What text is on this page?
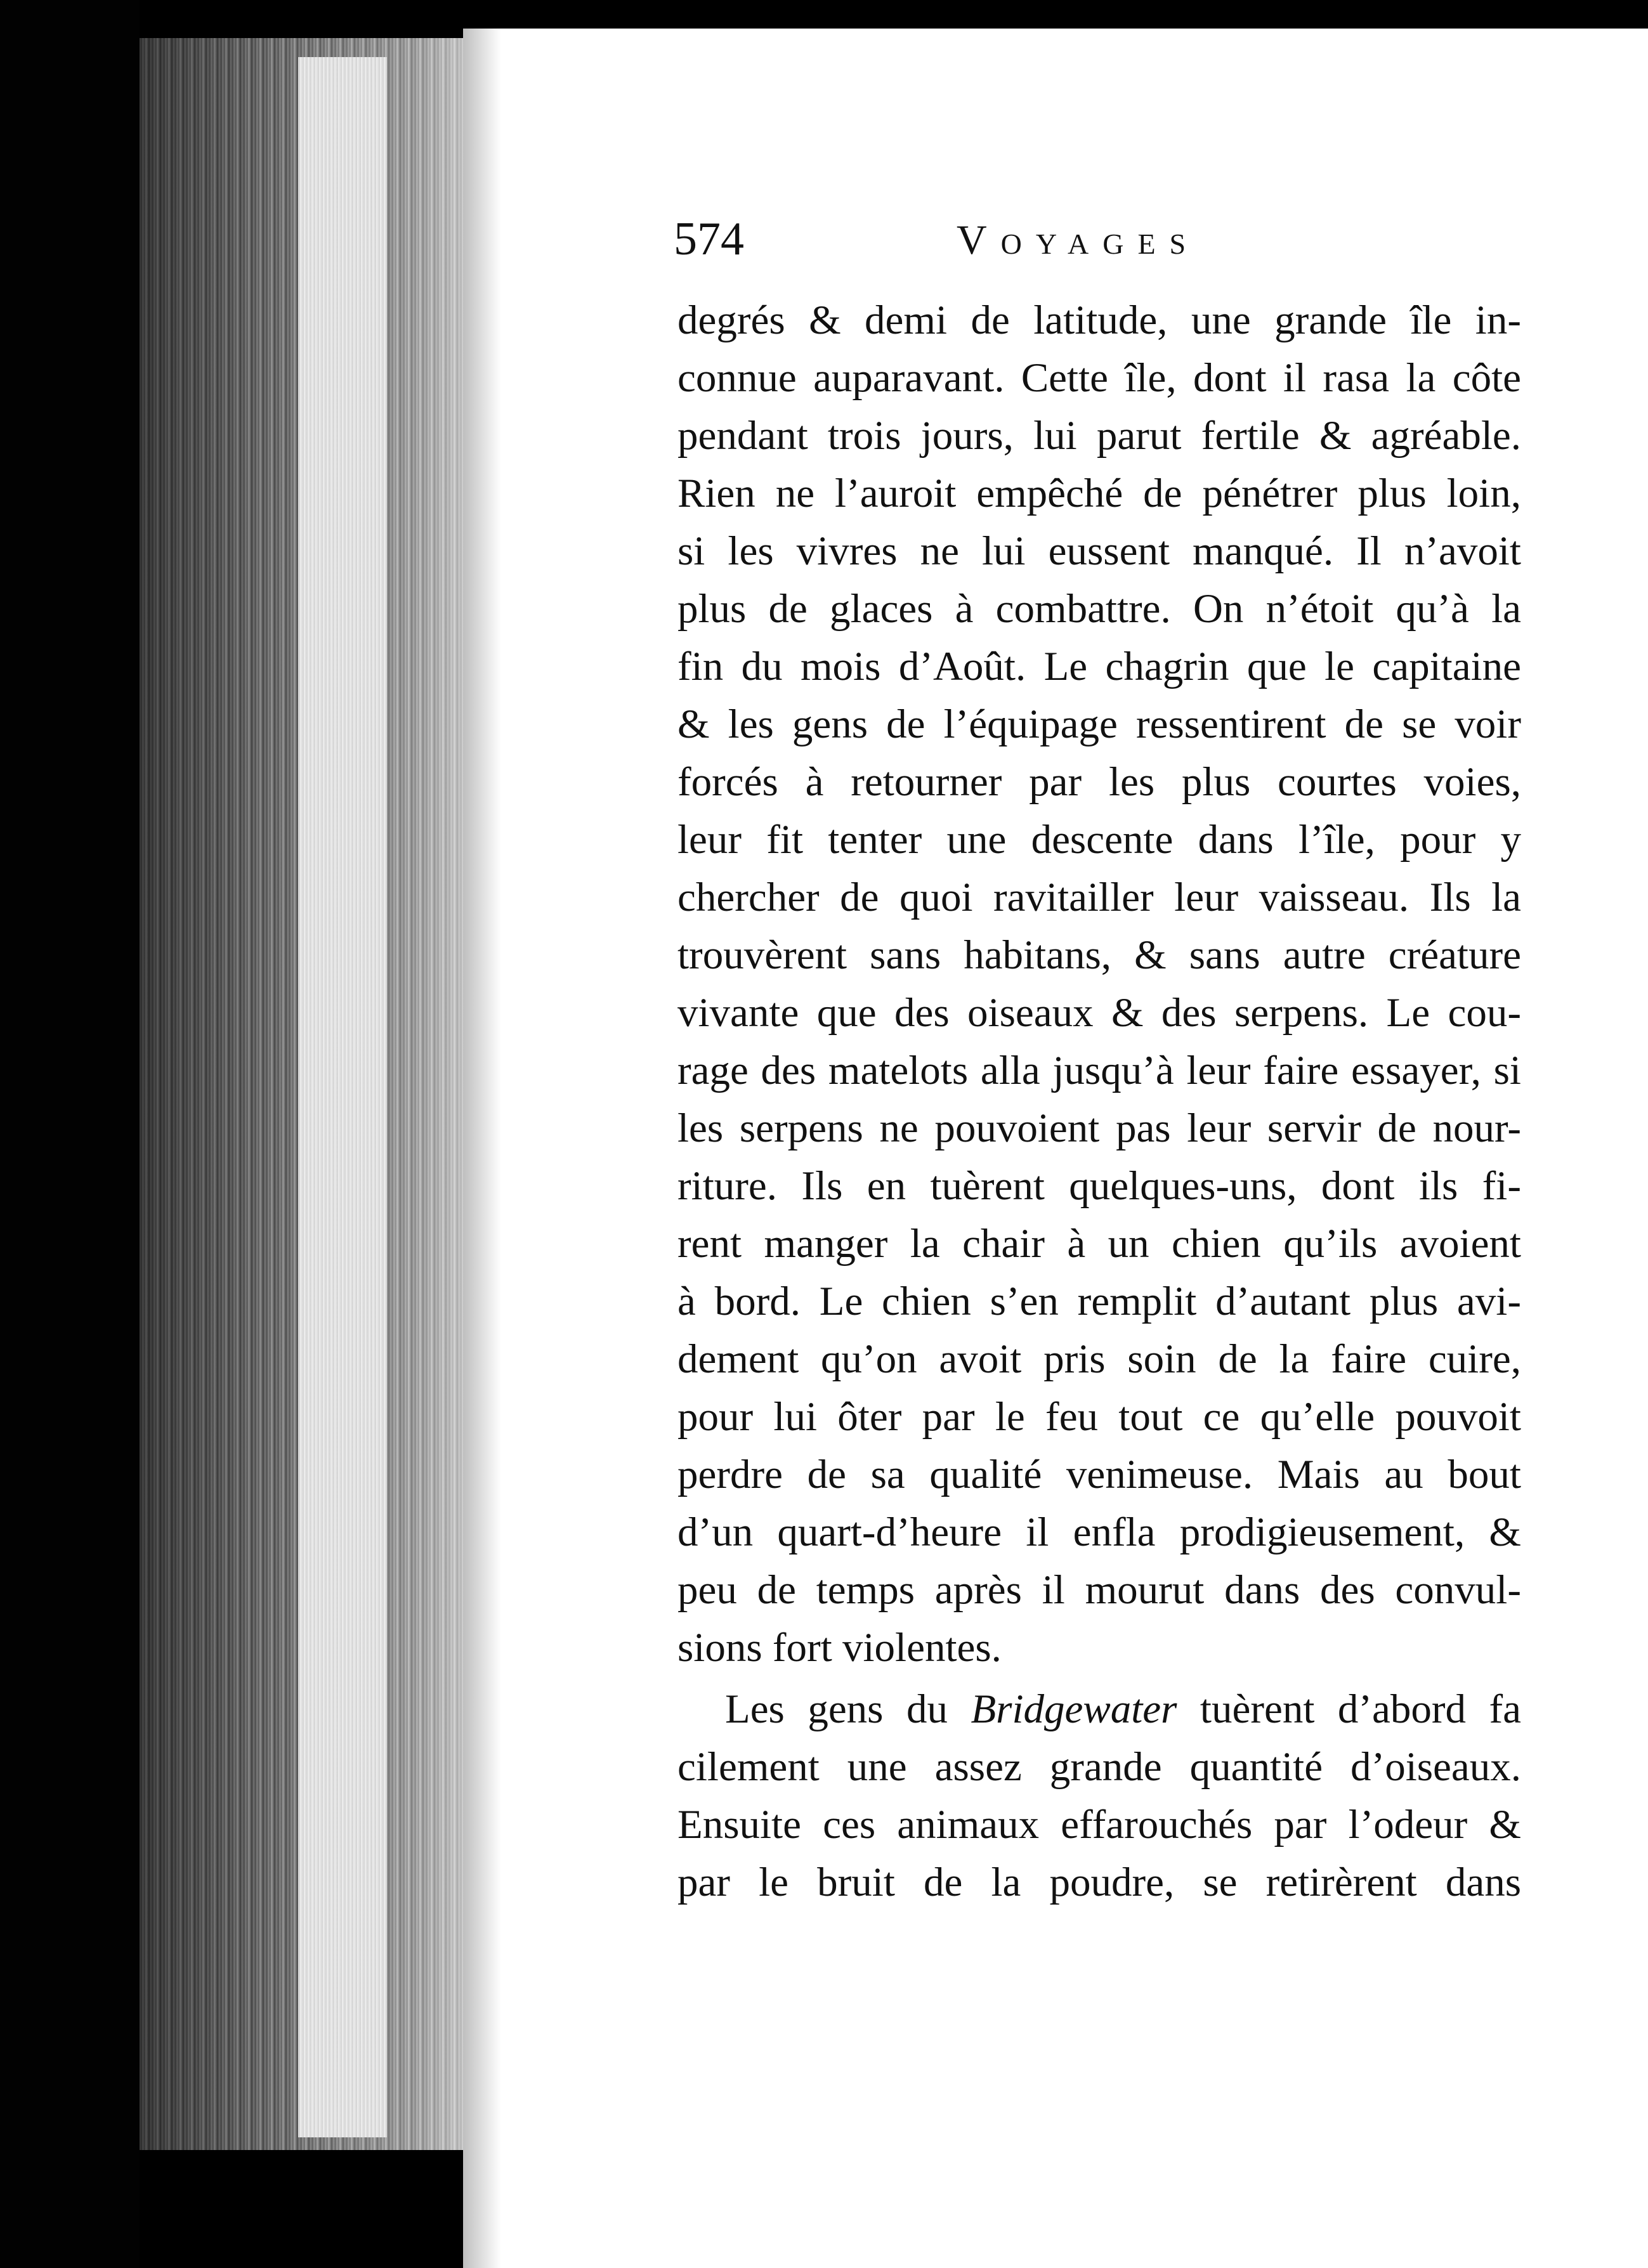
574	Voyages
degrés & demi de latitude, une grande île in-
connue auparavant. Cette île, dont il rasa la côte
pendant trois jours, lui parut fertile & agréable.
Rien ne l’auroit empêché de pénétrer plus loin,
si les vivres ne lui eussent manqué. Il n’avoit
plus de glaces à combattre. On n’étoit qu’à la
fin du mois d’Août. Le chagrin que le capitaine
& les gens de l’équipage ressentirent de se voir
forcés à retourner par les plus courtes voies,
leur fit tenter une descente dans l’île, pour y
chercher de quoi ravitailler leur vaisseau. Ils la
trouvèrent sans habitans, & sans autre créature
vivante que des oiseaux & des serpens. Le cou-
rage des matelots alla jusqu’à leur faire essayer, si
les serpens ne pouvoient pas leur servir de nour-
riture. Ils en tuèrent quelques-uns, dont ils fi-
rent manger la chair à un chien qu’ils avoient
à bord. Le chien s’en remplit d’autant plus avi-
dement qu’on avoit pris soin de la faire cuire,
pour lui ôter par le feu tout ce qu’elle pouvoit
perdre de sa qualité venimeuse. Mais au bout
d’un quart-d’heure il enfla prodigieusement, &
peu de temps après il mourut dans des convul-
sions fort violentes.
Les gens du Bridgewater tuèrent d’abord fa
cilement une assez grande quantité d’oiseaux.
Ensuite ces animaux effarouchés par l’odeur &
par le bruit de la poudre, se retirèrent dans
